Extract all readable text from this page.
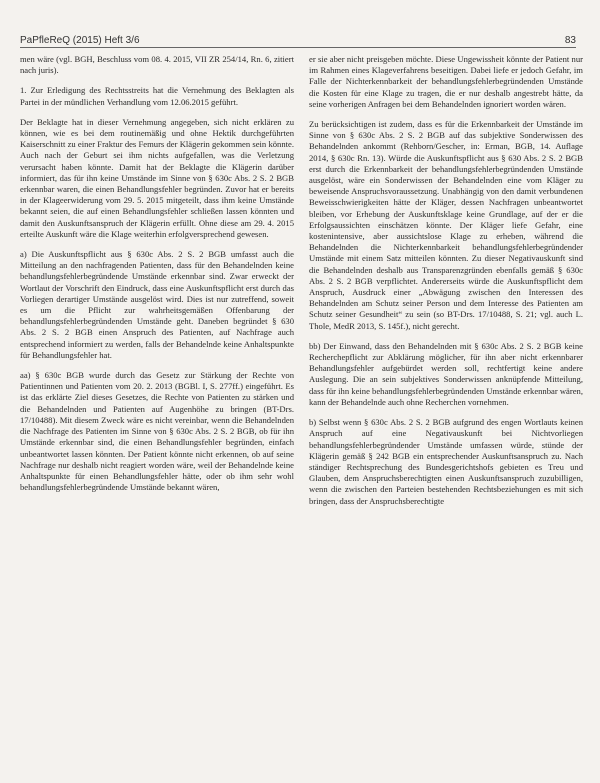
PaPfleReQ (2015) Heft 3/6	83

men wäre (vgl. BGH, Beschluss vom 08. 4. 2015, VII ZR 254/14, Rn. 6, zitiert nach juris).

1. Zur Erledigung des Rechtsstreits hat die Vernehmung des Beklagten als Partei in der mündlichen Verhandlung vom 12.06.2015 geführt.

Der Beklagte hat in dieser Vernehmung angegeben, sich nicht erklären zu können, wie es bei dem routinemäßig und ohne Hektik durchgeführten Kaiserschnitt zu einer Fraktur des Femurs der Klägerin gekommen sein könnte. Auch nach der Geburt sei ihm nichts aufgefallen, was die Verletzung verursacht haben könnte. Damit hat der Beklagte die Klägerin darüber informiert, das für ihn keine Umstände im Sinne von § 630c Abs. 2 S. 2 BGB erkennbar waren, die einen Behandlungsfehler begründen. Zuvor hat er bereits in der Klageerwiderung vom 29. 5. 2015 mitgeteilt, dass ihm keine Umstände bekannt seien, die auf einen Behandlungsfehler schließen lassen könnten und damit den Auskunftsanspruch der Klägerin erfüllt. Ohne diese am 29. 4. 2015 erteilte Auskunft wäre die Klage weiterhin erfolgversprechend gewesen.

a) Die Auskunftspflicht aus § 630c Abs. 2 S. 2 BGB umfasst auch die Mitteilung an den nachfragenden Patienten, dass für den Behandelnden keine behandlungsfehlerbegründende Umstände erkennbar sind. Zwar erweckt der Wortlaut der Vorschrift den Eindruck, dass eine Auskunftspflicht erst durch das Vorliegen derartiger Umstände ausgelöst wird. Dies ist nur zutreffend, soweit es um die Pflicht zur wahrheitsgemäßen Offenbarung der behandlungsfehlerbegründenden Umstände geht. Daneben begründet § 630 Abs. 2 S. 2 BGB einen Anspruch des Patienten, auf Nachfrage auch entsprechend informiert zu werden, falls der Behandelnde keine Anhaltspunkte für Behandlungsfehler hat.

aa) § 630c BGB wurde durch das Gesetz zur Stärkung der Rechte von Patientinnen und Patienten vom 20. 2. 2013 (BGBl. I, S. 277ff.) eingeführt. Es ist das erklärte Ziel dieses Gesetzes, die Rechte von Patienten zu stärken und die Behandelnden und Patienten auf Augenhöhe zu bringen (BT-Drs. 17/10488). Mit diesem Zweck wäre es nicht vereinbar, wenn die Behandelnden die Nachfrage des Patienten im Sinne von § 630c Abs. 2 S. 2 BGB, ob für ihn Umstände erkennbar sind, die einen Behandlungsfehler begründen, einfach unbeantwortet lassen könnten. Der Patient könnte nicht erkennen, ob auf seine Nachfrage nur deshalb nicht reagiert worden wäre, weil der Behandelnde keine Anhaltspunkte für einen Behandlungsfehler hätte, oder ob ihm sehr wohl behandlungsfehlerbegründende Umstände bekannt wären,

er sie aber nicht preisgeben möchte. Diese Ungewissheit könnte der Patient nur im Rahmen eines Klageverfahrens beseitigen. Dabei liefe er jedoch Gefahr, im Falle der Nichterkennbarkeit der behandlungsfehlerbegründenden Umstände die Kosten für eine Klage zu tragen, die er nur deshalb angestrebt hätte, da seine vorherigen Anfragen bei dem Behandelnden ignoriert worden wären.

Zu berücksichtigen ist zudem, dass es für die Erkennbarkeit der Umstände im Sinne von § 630c Abs. 2 S. 2 BGB auf das subjektive Sonderwissen des Behandelnden ankommt (Rehborn/Gescher, in: Erman, BGB, 14. Auflage 2014, § 630c Rn. 13). Würde die Auskunftspflicht aus § 630 Abs. 2 S. 2 BGB erst durch die Erkennbarkeit der behandlungsfehlerbegründenden Umstände ausgelöst, wäre ein Sonderwissen der Behandelnden eine vom Kläger zu beweisende Anspruchsvoraussetzung. Unabhängig von den damit verbundenen Beweisschwierigkeiten hätte der Kläger, dessen Nachfragen unbeantwortet bleiben, vor Erhebung der Auskunftsklage keine Grundlage, auf der er die Erfolgsaussichten einschätzen könnte. Der Kläger liefe Gefahr, eine kostenintensive, aber aussichtslose Klage zu erheben, während die Behandelnden die Nichterkennbarkeit behandlungsfehlerbegründender Umstände mit einem Satz mitteilen könnten. Zu dieser Negativauskunft sind die Behandelnden deshalb aus Transparenzgründen ebenfalls gemäß § 630c Abs. 2 S. 2 BGB verpflichtet. Andererseits würde die Auskunftspflicht dem Anspruch, Ausdruck einer „Abwägung zwischen den Interessen des Behandelnden am Schutz seiner Person und dem Interesse des Patienten am Schutz seiner Gesundheit“ zu sein (so BT-Drs. 17/10488, S. 21; vgl. auch L. Thole, MedR 2013, S. 145f.), nicht gerecht.

bb) Der Einwand, dass den Behandelnden mit § 630c Abs. 2 S. 2 BGB keine Recherchepflicht zur Abklärung möglicher, für ihn aber nicht erkennbarer Behandlungsfehler aufgebürdet werden soll, rechtfertigt keine andere Auslegung. Die an sein subjektives Sonderwissen anknüpfende Mitteilung, dass für ihn keine behandlungsfehlerbegründenden Umstände erkennbar wären, kann der Behandelnde auch ohne Recherchen vornehmen.

b) Selbst wenn § 630c Abs. 2 S. 2 BGB aufgrund des engen Wortlauts keinen Anspruch auf eine Negativauskunft bei Nichtvorliegen behandlungsfehlerbegründender Umstände umfassen würde, stünde der Klägerin gemäß § 242 BGB ein entsprechender Auskunftsanspruch zu. Nach ständiger Rechtsprechung des Bundesgerichtshofs gebieten es Treu und Glauben, dem Anspruchsberechtigten einen Auskunftsanspruch zuzubilligen, wenn die zwischen den Parteien bestehenden Rechtsbeziehungen es mit sich bringen, dass der Anspruchsberechtigte
